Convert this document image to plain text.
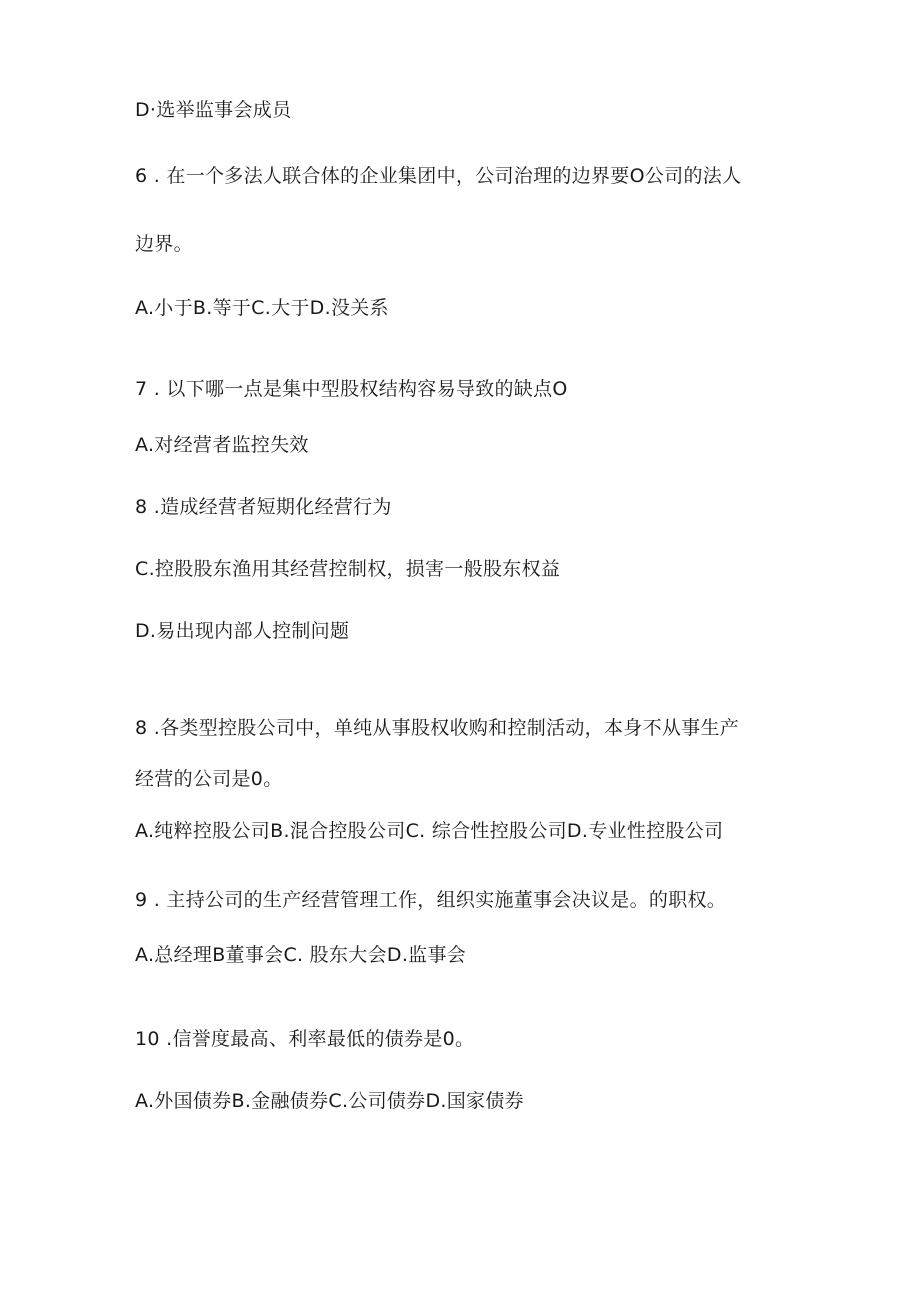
D·选举监事会成员
6 . 在一个多法人联合体的企业集团中，公司治理的边界要O公司的法人
边界。
A.小于B.等于C.大于D.没关系
7 . 以下哪一点是集中型股权结构容易导致的缺点O
A.对经营者监控失效
8 .造成经营者短期化经营行为
C.控股股东渔用其经营控制权，损害一般股东权益
D.易出现内部人控制问题
8 .各类型控股公司中，单纯从事股权收购和控制活动，本身不从事生产
经营的公司是0。
A.纯粹控股公司B.混合控股公司C. 综合性控股公司D.专业性控股公司
9 . 主持公司的生产经营管理工作，组织实施董事会决议是。的职权。
A.总经理B董事会C. 股东大会D.监事会
10 .信誉度最高、利率最低的债券是0。
A.外国债券B.金融债券C.公司债券D.国家债券
